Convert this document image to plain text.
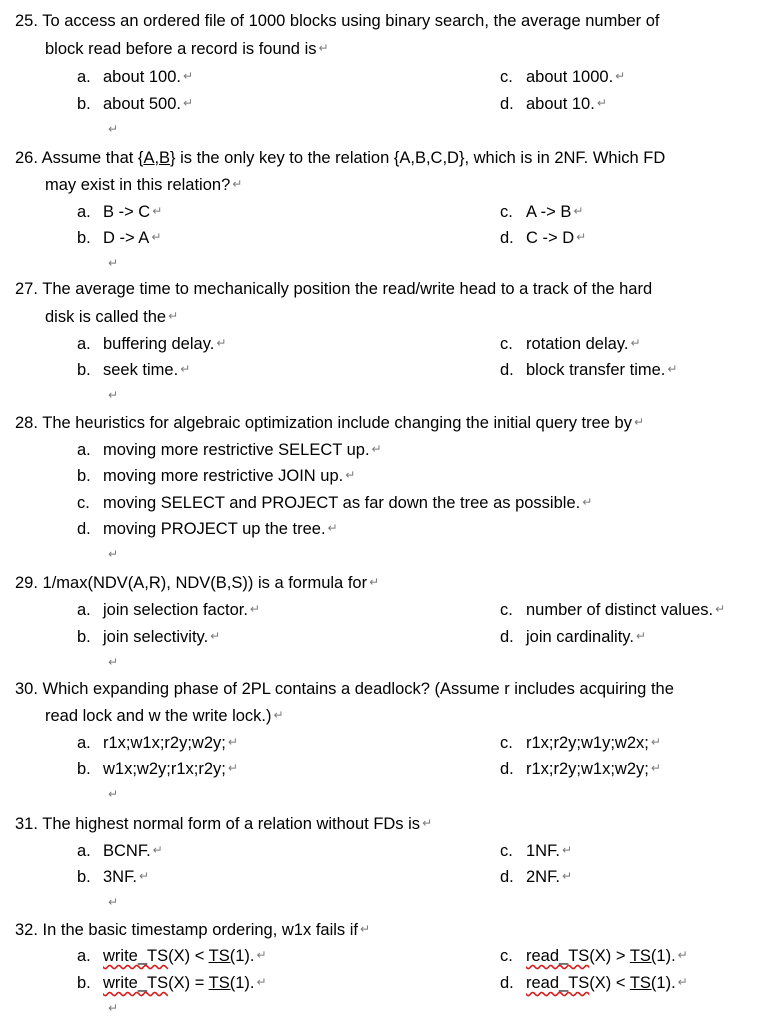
25. To access an ordered file of 1000 blocks using binary search, the average number of
block read before a record is found is ↵
a. about 100. ↵	c. about 1000. ↵
b. about 500. ↵	d. about 10. ↵
↵
26. Assume that {A,B} is the only key to the relation {A,B,C,D}, which is in 2NF. Which FD
may exist in this relation? ↵
a. B -> C ↵	c. A -> B ↵
b. D -> A ↵	d. C -> D ↵
↵
27. The average time to mechanically position the read/write head to a track of the hard
disk is called the ↵
a. buffering delay. ↵	c. rotation delay. ↵
b. seek time. ↵	d. block transfer time. ↵
↵
28. The heuristics for algebraic optimization include changing the initial query tree by ↵
a. moving more restrictive SELECT up. ↵
b. moving more restrictive JOIN up. ↵
c. moving SELECT and PROJECT as far down the tree as possible. ↵
d. moving PROJECT up the tree. ↵
↵
29. 1/max(NDV(A,R), NDV(B,S)) is a formula for ↵
a. join selection factor. ↵	c. number of distinct values. ↵
b. join selectivity. ↵	d. join cardinality. ↵
↵
30. Which expanding phase of 2PL contains a deadlock? (Assume r includes acquiring the
read lock and w the write lock.) ↵
a. r1x;w1x;r2y;w2y; ↵	c. r1x;r2y;w1y;w2x; ↵
b. w1x;w2y;r1x;r2y; ↵	d. r1x;r2y;w1x;w2y; ↵
↵
31. The highest normal form of a relation without FDs is ↵
a. BCNF. ↵	c. 1NF. ↵
b. 3NF. ↵	d. 2NF. ↵
↵
32. In the basic timestamp ordering, w1x fails if ↵
a. write_TS(X) < TS(1). ↵	c. read_TS(X) > TS(1). ↵
b. write_TS(X) = TS(1). ↵	d. read_TS(X) < TS(1). ↵
↵
